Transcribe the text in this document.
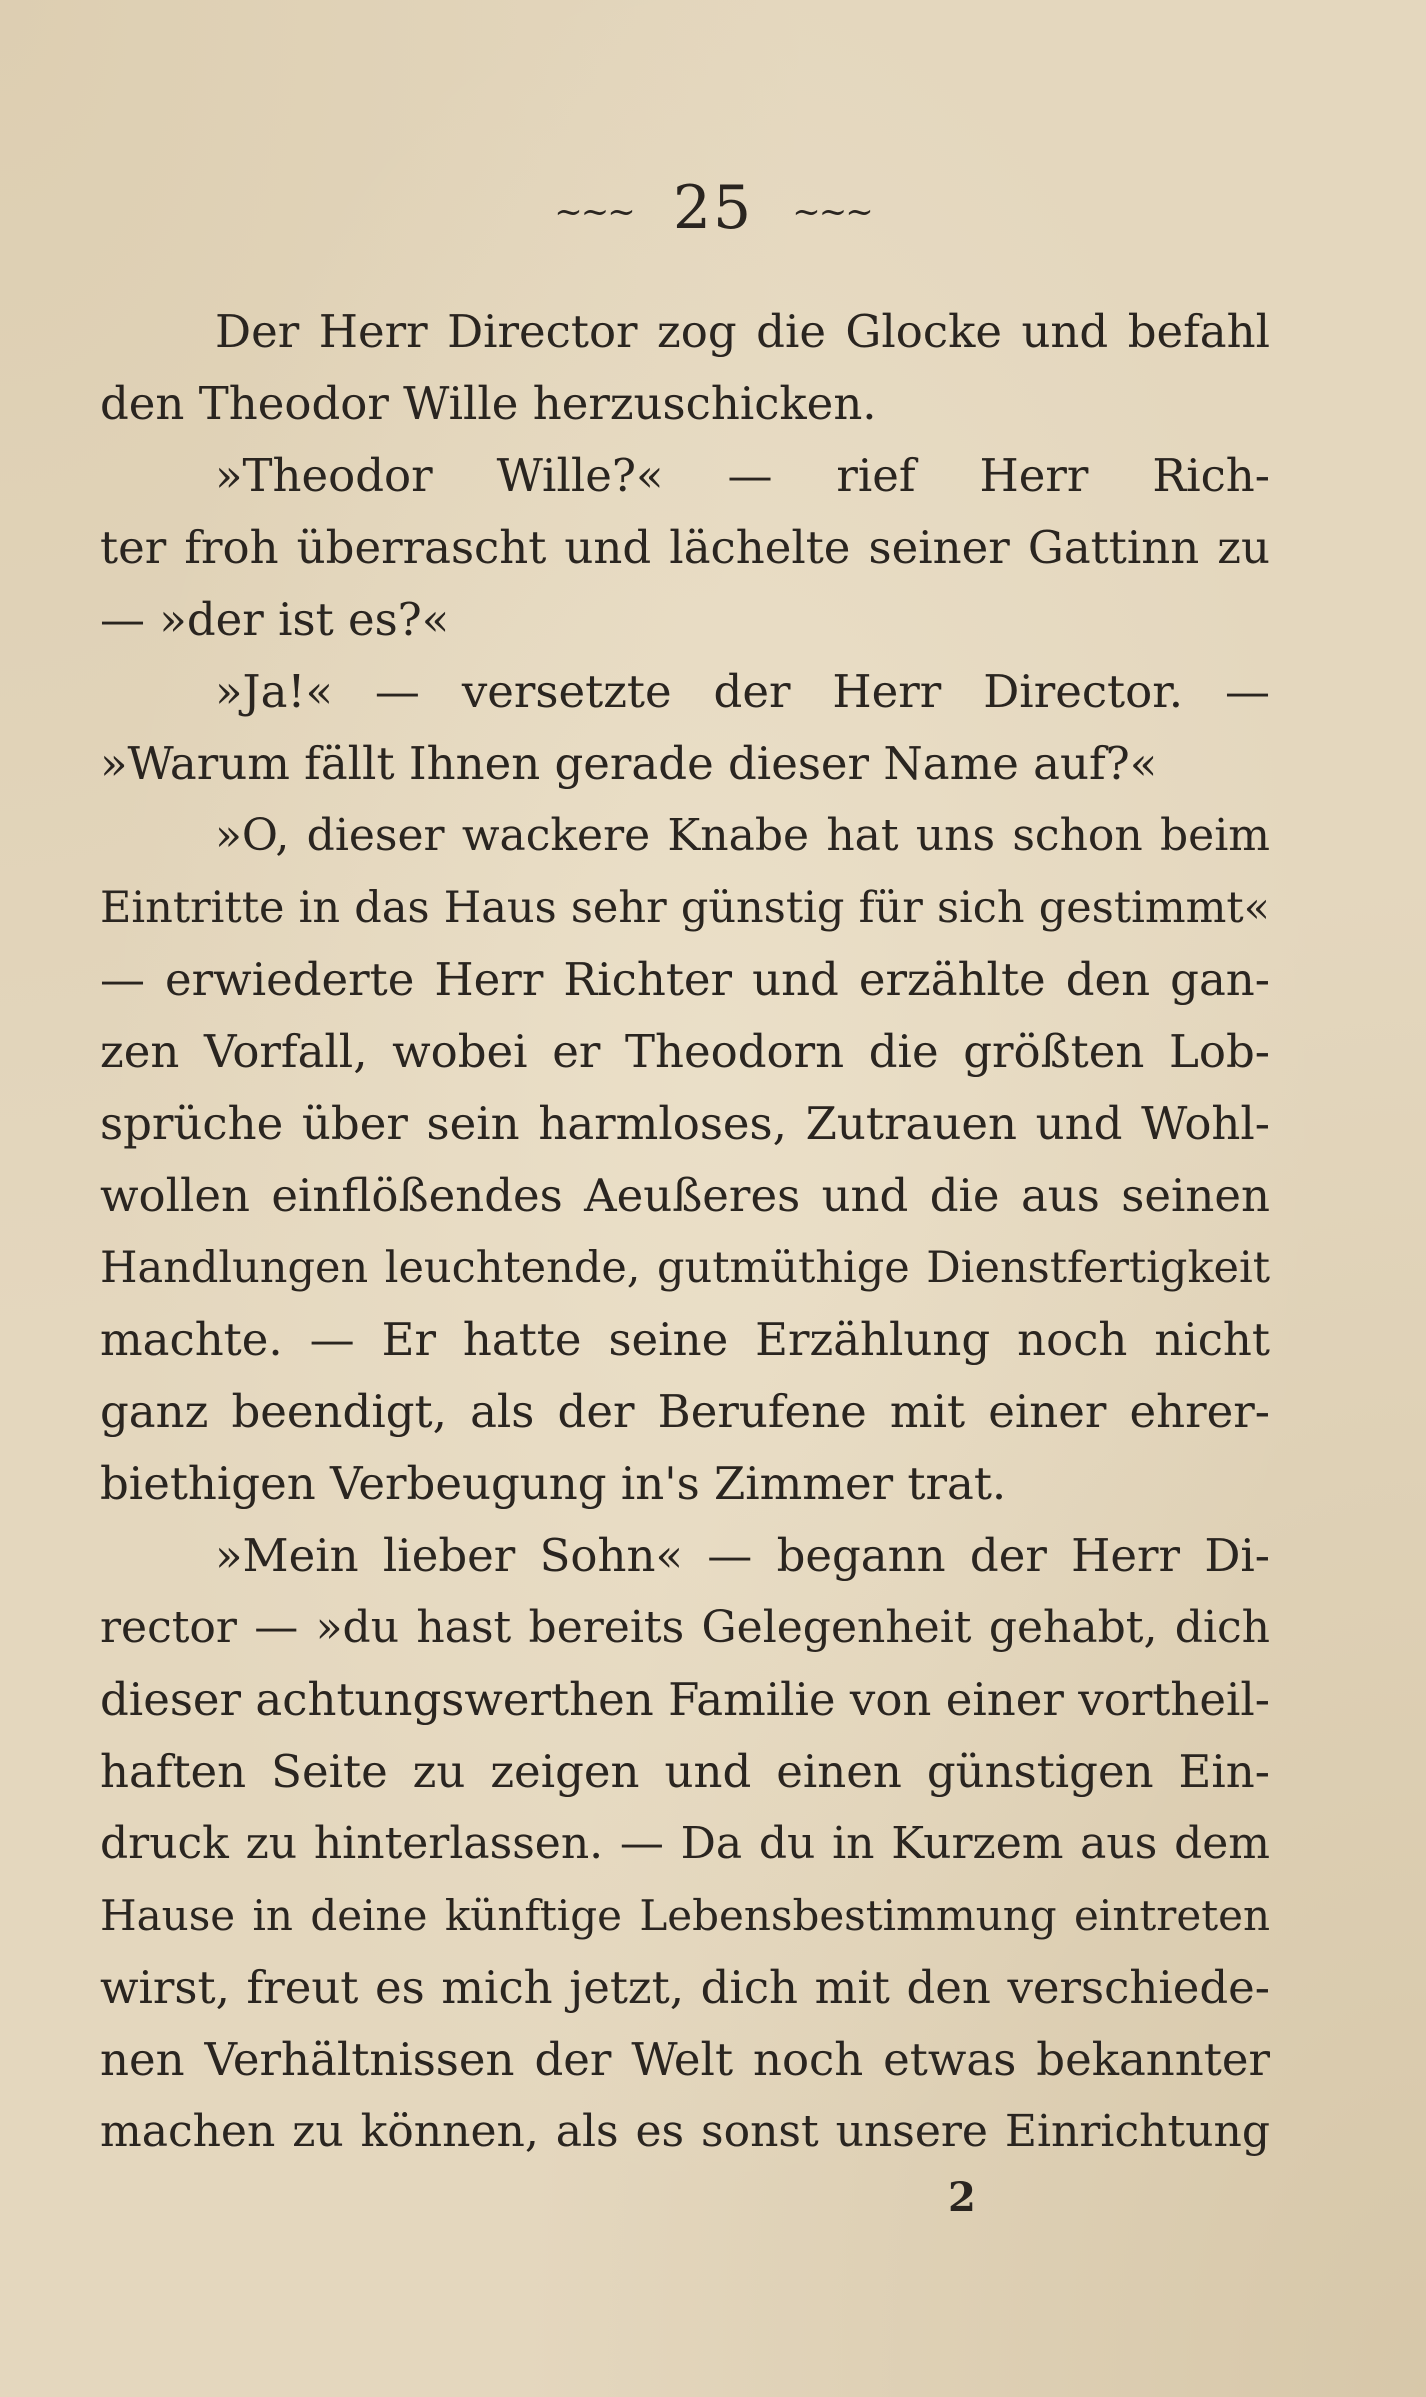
~~~ 25 ~~~
Der Herr Director zog die Glocke und befahl
den Theodor Wille herzuschicken.
»Theodor Wille?« — rief Herr Rich-
ter froh überrascht und lächelte seiner Gattinn zu
— »der ist es?«
»Ja!« — versetzte der Herr Director. —
»Warum fällt Ihnen gerade dieser Name auf?«
»O, dieser wackere Knabe hat uns schon beim
Eintritte in das Haus sehr günstig für sich gestimmt«
— erwiederte Herr Richter und erzählte den gan-
zen Vorfall, wobei er Theodorn die größten Lob-
sprüche über sein harmloses, Zutrauen und Wohl-
wollen einflößendes Aeußeres und die aus seinen
Handlungen leuchtende, gutmüthige Dienstfertigkeit
machte. — Er hatte seine Erzählung noch nicht
ganz beendigt, als der Berufene mit einer ehrer-
biethigen Verbeugung in's Zimmer trat.
»Mein lieber Sohn« — begann der Herr Di-
rector — »du hast bereits Gelegenheit gehabt, dich
dieser achtungswerthen Familie von einer vortheil-
haften Seite zu zeigen und einen günstigen Ein-
druck zu hinterlassen. — Da du in Kurzem aus dem
Hause in deine künftige Lebensbestimmung eintreten
wirst, freut es mich jetzt, dich mit den verschiede-
nen Verhältnissen der Welt noch etwas bekannter
machen zu können, als es sonst unsere Einrichtung
2
